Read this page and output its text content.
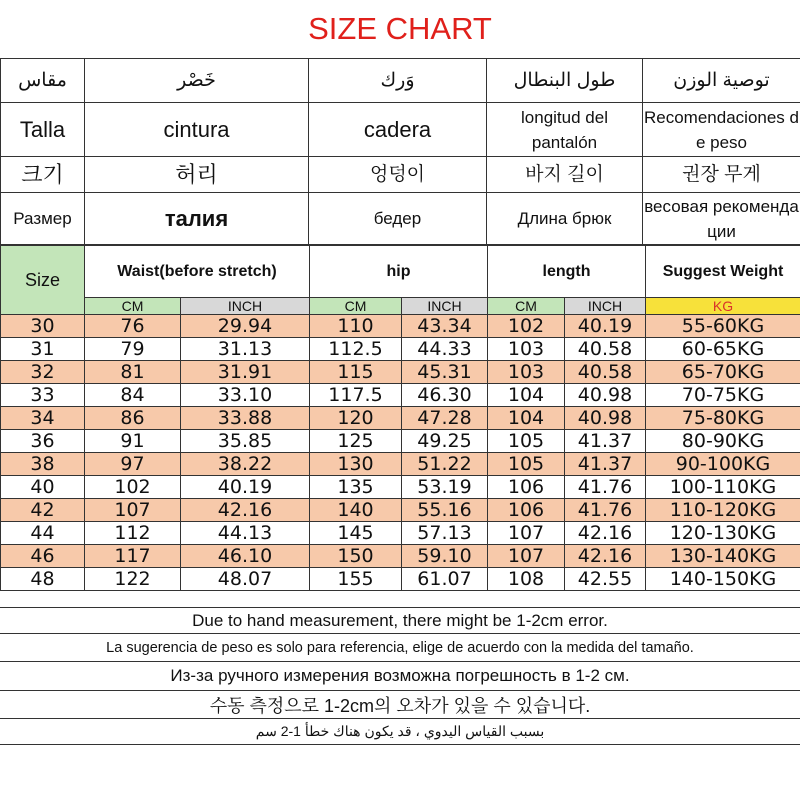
SIZE CHART
مقاس	خَصْر	وَرك	طول البنطال	توصية الوزن
Talla	cintura	cadera	longitud del pantalón	Recomendaciones de peso
크기	허리	엉덩이	바지 길이	권장 무게
Размер	талия	бедер	Длина брюк	весовая рекомендации
Size	Waist(before stretch)		hip		length		Suggest Weight
	CM	INCH	CM	INCH	CM	INCH	KG
30	76	29.94	110	43.34	102	40.19	55-60KG
31	79	31.13	112.5	44.33	103	40.58	60-65KG
32	81	31.91	115	45.31	103	40.58	65-70KG
33	84	33.10	117.5	46.30	104	40.98	70-75KG
34	86	33.88	120	47.28	104	40.98	75-80KG
36	91	35.85	125	49.25	105	41.37	80-90KG
38	97	38.22	130	51.22	105	41.37	90-100KG
40	102	40.19	135	53.19	106	41.76	100-110KG
42	107	42.16	140	55.16	106	41.76	110-120KG
44	112	44.13	145	57.13	107	42.16	120-130KG
46	117	46.10	150	59.10	107	42.16	130-140KG
48	122	48.07	155	61.07	108	42.55	140-150KG
Due to hand measurement, there might be 1-2cm error.
La sugerencia de peso es solo para referencia, elige de acuerdo con la medida del tamaño.
Из-за ручного измерения возможна погрешность в 1-2 см.
수동 측정으로 1-2cm의 오차가 있을 수 있습니다.
بسبب القياس اليدوي ، قد يكون هناك خطأ 1-2 سم
